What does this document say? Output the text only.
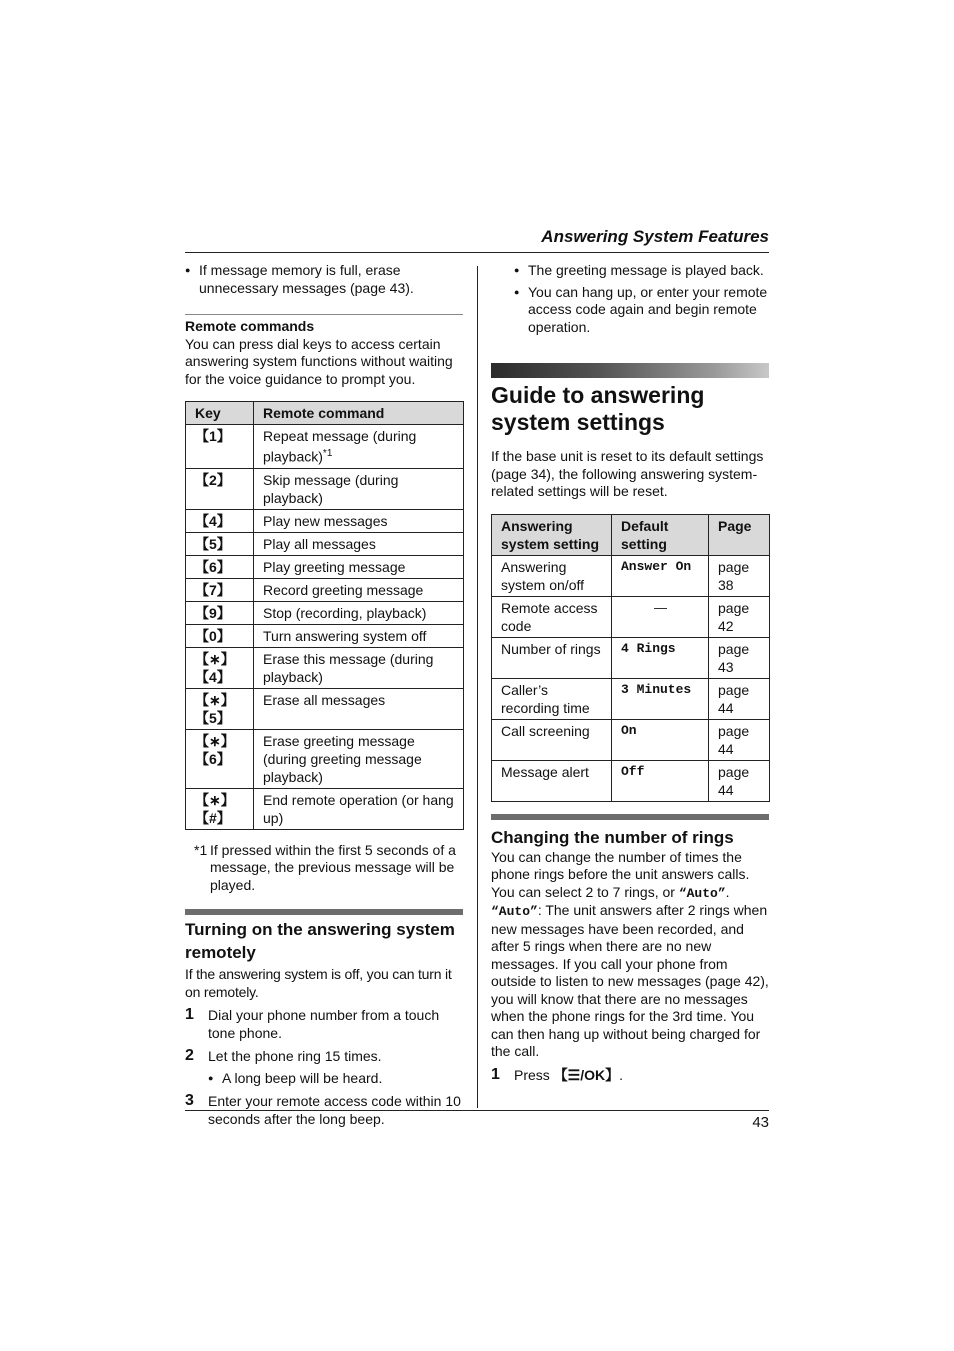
Answering System Features
● If message memory is full, erase unnecessary messages (page 43).

Remote commands

You can press dial keys to access certain answering system functions without waiting for the voice guidance to prompt you.

Key	Remote command
【1】	Repeat message (during playback)$^{*1}$
【2】	Skip message (during playback)
【4】	Play new messages
【5】	Play all messages
【6】	Play greeting message
【7】	Record greeting message
【9】	Stop (recording, playback)
【0】	Turn answering system off
【∗】【4】	Erase this message (during playback)
【∗】【5】	Erase all messages
【∗】【6】	Erase greeting message (during greeting message playback)
【∗】【#】	End remote operation (or hang up)
*1 If pressed within the first 5 seconds of a message, the previous message will be played.
Turning on the answering system remotely

If the answering system is off, you can turn it on remotely.

1 Dial your phone number from a touch tone phone.
2 Let the phone ring 15 times.
● A long beep will be heard.
3 Enter your remote access code within 10 seconds after the long beep.
● The greeting message is played back.
● You can hang up, or enter your remote access code again and begin remote operation.
Guide to answering
system settings

If the base unit is reset to its default settings (page 34), the following answering system-related settings will be reset.

Answering system setting	Default setting	Page
Answering system on/off	Answer On	page 38
Remote access code	—	page 42
Number of rings	4 Rings	page 43
Caller’s recording time	3 Minutes	page 44
Call screening	On	page 44
Message alert	Off	page 44
Changing the number of rings

You can change the number of times the phone rings before the unit answers calls. You can select 2 to 7 rings, or “Auto”.
“Auto”: The unit answers after 2 rings when new messages have been recorded, and after 5 rings when there are no new messages. If you call your phone from outside to listen to new messages (page 42), you will know that there are no messages when the phone rings for the 3rd time. You can then hang up without being charged for the call.

1 Press 【☰/OK】.
43
